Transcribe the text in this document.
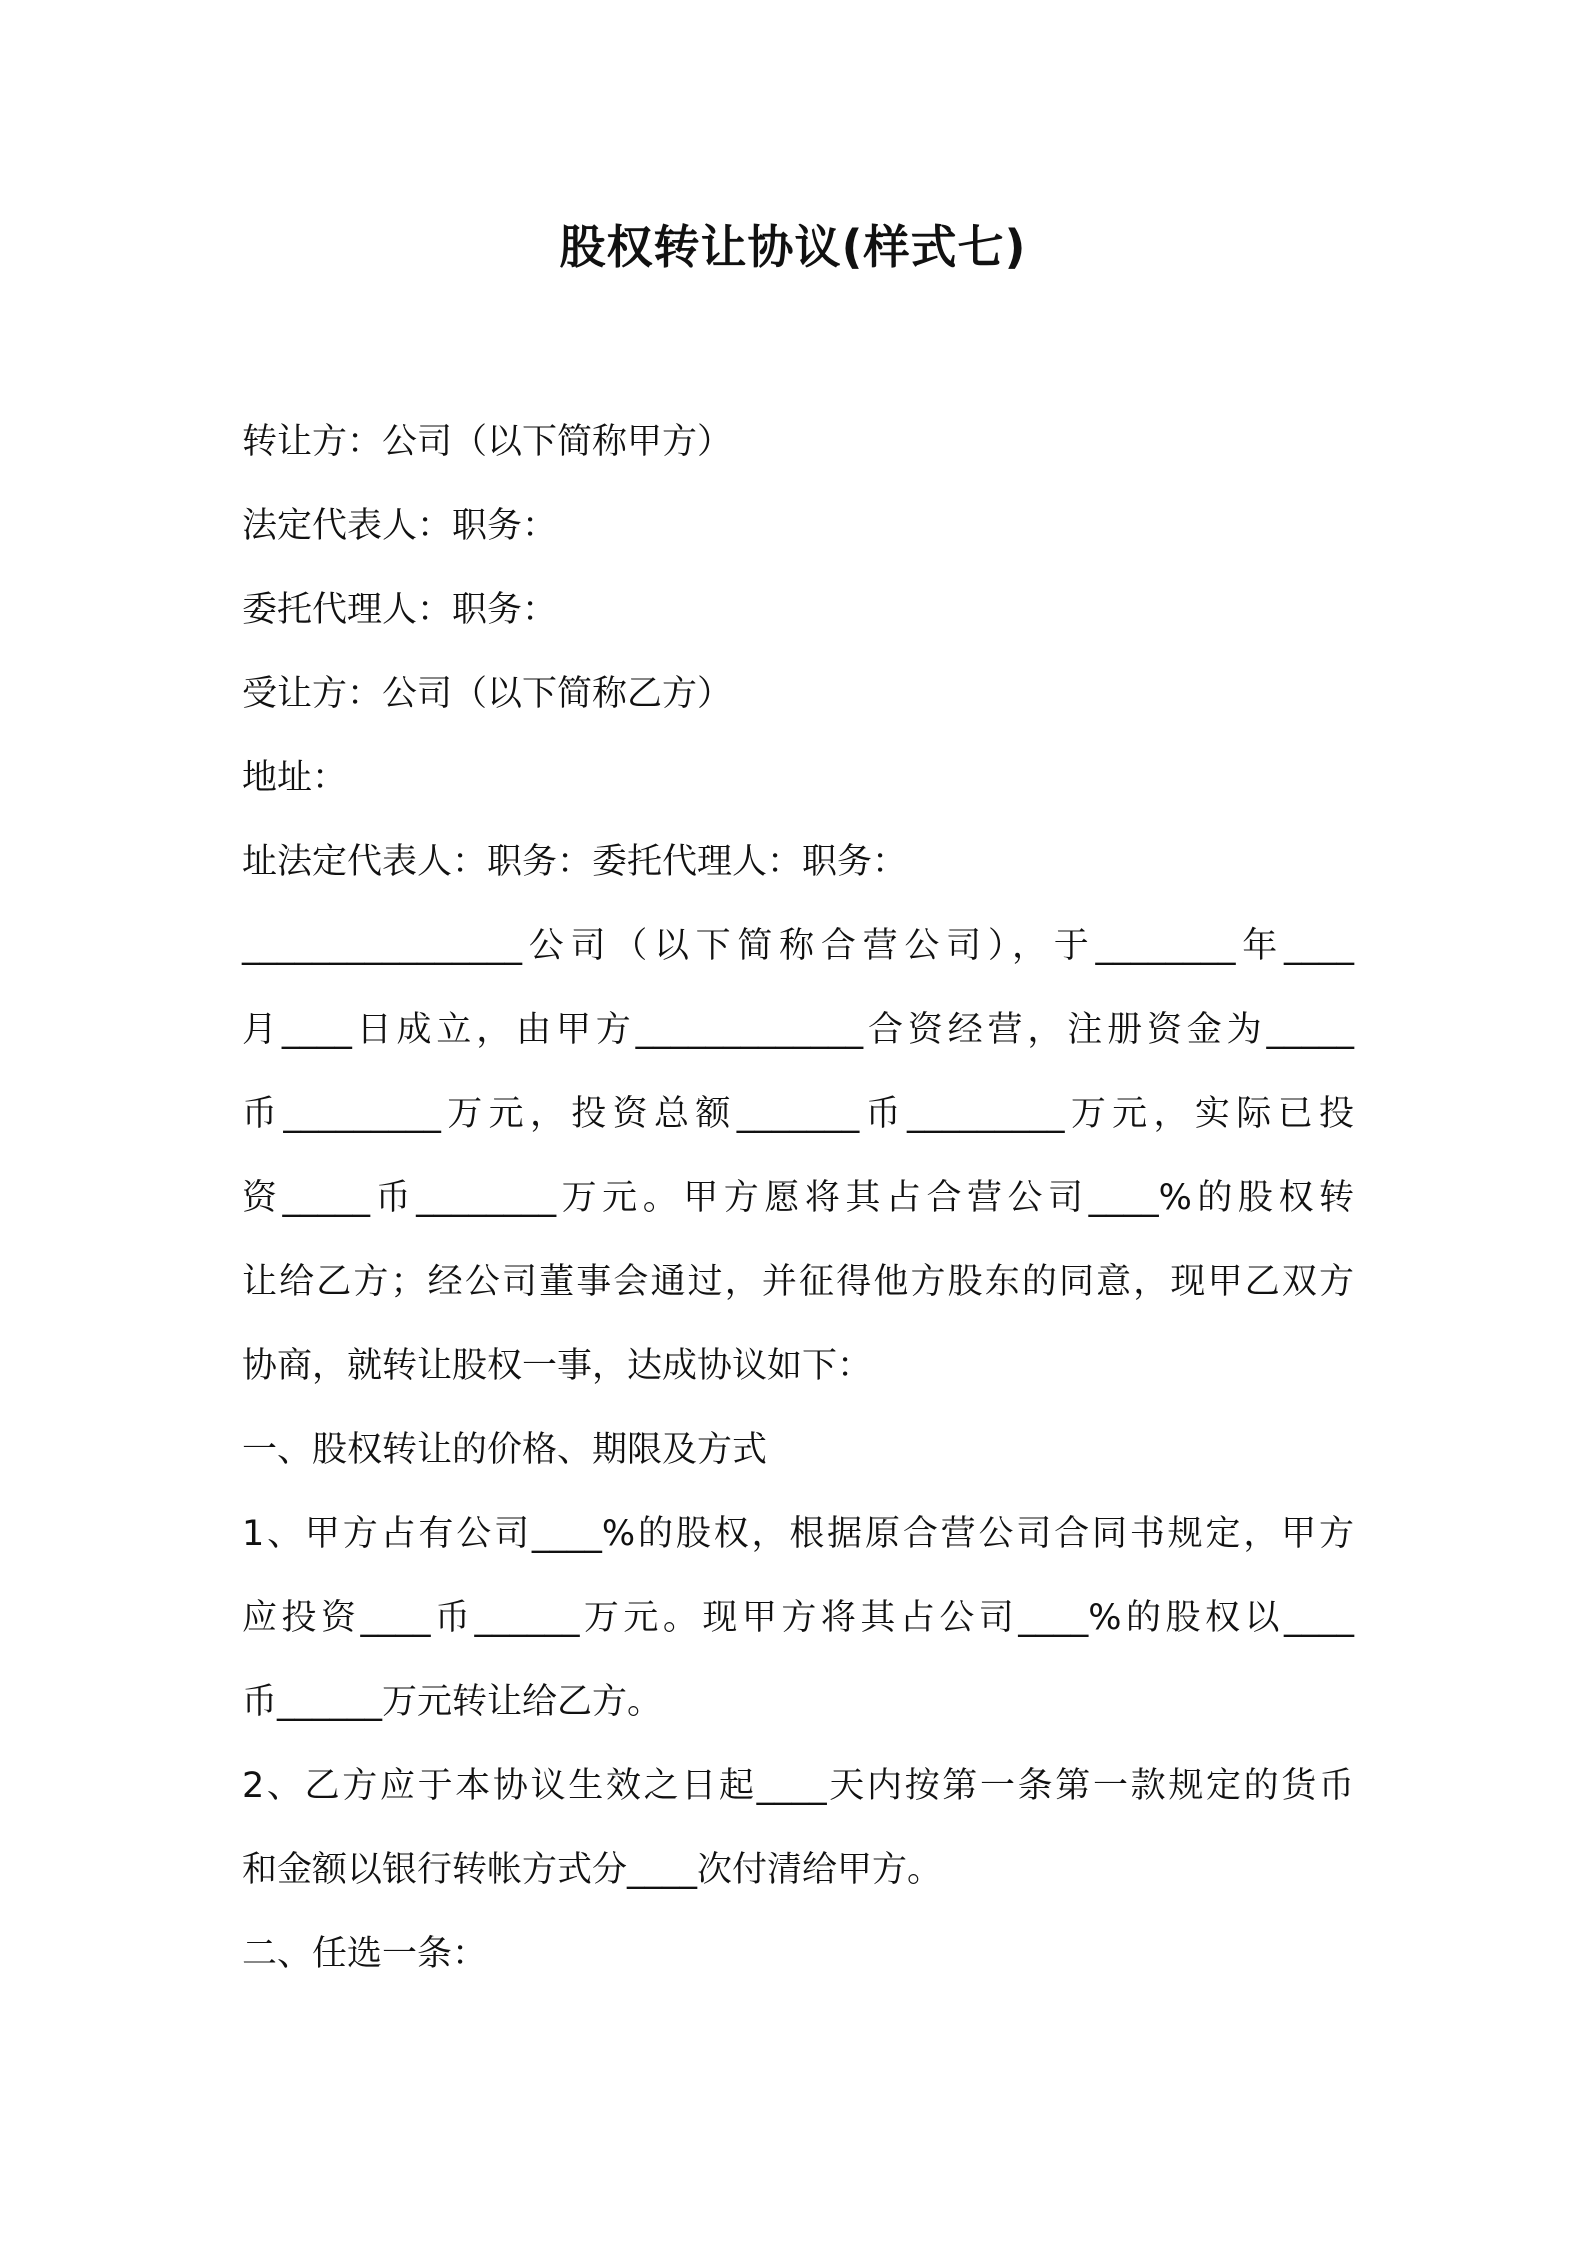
股权转让协议(样式七)

转让方：公司（以下简称甲方）

法定代表人：职务：

委托代理人：职务：

受让方：公司（以下简称乙方）

地址：

址法定代表人：职务：委托代理人：职务：

________________公司（以下简称合营公司），于________年____

月____日成立，由甲方_____________合资经营，注册资金为_____

币_________万元，投资总额_______币_________万元，实际已投

资_____币________万元。甲方愿将其占合营公司____%的股权转

让给乙方；经公司董事会通过，并征得他方股东的同意，现甲乙双方

协商，就转让股权一事，达成协议如下：

一、股权转让的价格、期限及方式

1、甲方占有公司____%的股权，根据原合营公司合同书规定，甲方

应投资____币______万元。现甲方将其占公司____%的股权以____

币______万元转让给乙方。

2、乙方应于本协议生效之日起____天内按第一条第一款规定的货币

和金额以银行转帐方式分____次付清给甲方。

二、任选一条：
